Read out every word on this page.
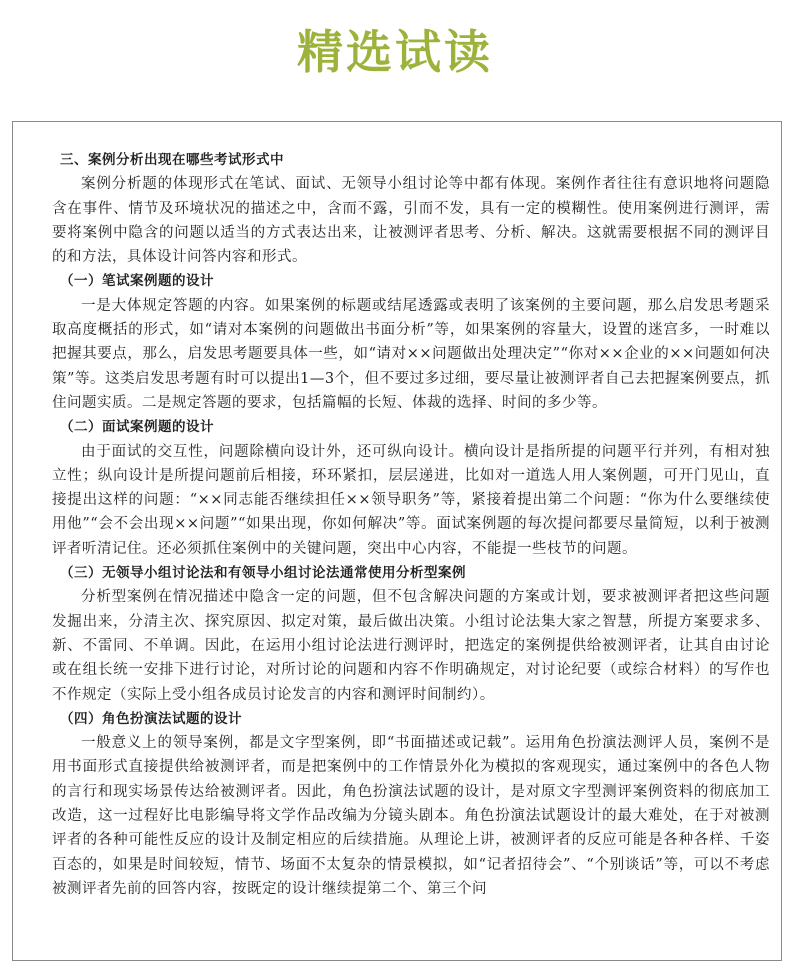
精选试读
三、案例分析出现在哪些考试形式中

案例分析题的体现形式在笔试、面试、无领导小组讨论等中都有体现。案例作者往往有意识地将问题隐含在事件、情节及环境状况的描述之中，含而不露，引而不发，具有一定的模糊性。使用案例进行测评，需要将案例中隐含的问题以适当的方式表达出来，让被测评者思考、分析、解决。这就需要根据不同的测评目的和方法，具体设计问答内容和形式。

（一）笔试案例题的设计

一是大体规定答题的内容。如果案例的标题或结尾透露或表明了该案例的主要问题，那么启发思考题采取高度概括的形式，如“请对本案例的问题做出书面分析”等，如果案例的容量大，设置的迷宫多，一时难以把握其要点，那么，启发思考题要具体一些，如“请对××问题做出处理决定”“你对××企业的××问题如何决策”等。这类启发思考题有时可以提出1—3个，但不要过多过细，要尽量让被测评者自己去把握案例要点，抓住问题实质。二是规定答题的要求，包括篇幅的长短、体裁的选择、时间的多少等。

（二）面试案例题的设计

由于面试的交互性，问题除横向设计外，还可纵向设计。横向设计是指所提的问题平行并列，有相对独立性；纵向设计是所提问题前后相接，环环紧扣，层层递进，比如对一道选人用人案例题，可开门见山，直接提出这样的问题：“××同志能否继续担任××领导职务”等，紧接着提出第二个问题：“你为什么要继续使用他”“会不会出现××问题”“如果出现，你如何解决”等。面试案例题的每次提问都要尽量简短，以利于被测评者听清记住。还必须抓住案例中的关键问题，突出中心内容，不能提一些枝节的问题。

（三）无领导小组讨论法和有领导小组讨论法通常使用分析型案例

分析型案例在情况描述中隐含一定的问题，但不包含解决问题的方案或计划，要求被测评者把这些问题发掘出来，分清主次、探究原因、拟定对策，最后做出决策。小组讨论法集大家之智慧，所提方案要求多、新、不雷同、不单调。因此，在运用小组讨论法进行测评时，把选定的案例提供给被测评者，让其自由讨论或在组长统一安排下进行讨论，对所讨论的问题和内容不作明确规定，对讨论纪要（或综合材料）的写作也不作规定（实际上受小组各成员讨论发言的内容和测评时间制约）。

（四）角色扮演法试题的设计

一般意义上的领导案例，都是文字型案例，即“书面描述或记载”。运用角色扮演法测评人员，案例不是用书面形式直接提供给被测评者，而是把案例中的工作情景外化为模拟的客观现实，通过案例中的各色人物的言行和现实场景传达给被测评者。因此，角色扮演法试题的设计，是对原文字型测评案例资料的彻底加工改造，这一过程好比电影编导将文学作品改编为分镜头剧本。角色扮演法试题设计的最大难处，在于对被测评者的各种可能性反应的设计及制定相应的后续措施。从理论上讲，被测评者的反应可能是各种各样、千姿百态的，如果是时间较短，情节、场面不太复杂的情景模拟，如“记者招待会”、“个别谈话”等，可以不考虑被测评者先前的回答内容，按既定的设计继续提第二个、第三个问
